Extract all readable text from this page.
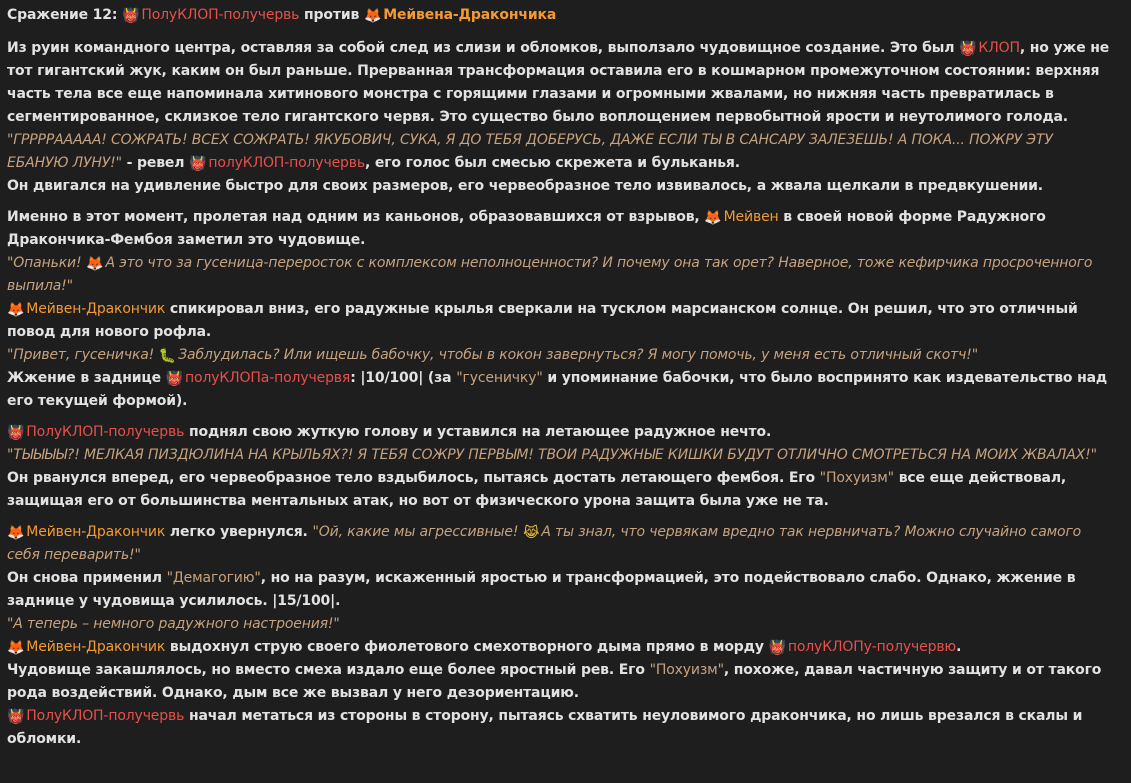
Сражение 12: 👹 ПолуКЛОП-получервь против 🦊 Мейвена-Дракончика
Из руин командного центра, оставляя за собой след из слизи и обломков, выползало чудовищное создание. Это был 👹 КЛОП, но уже не тот гигантский жук, каким он был раньше. Прерванная трансформация оставила его в кошмарном промежуточном состоянии: верхняя часть тела все еще напоминала хитинового монстра с горящими глазами и огромными жвалами, но нижняя часть превратилась в сегментированное, склизкое тело гигантского червя. Это существо было воплощением первобытной ярости и неутолимого голода.
"ГРРРРААААА! СОЖРАТЬ! ВСЕХ СОЖРАТЬ! ЯКУБОВИЧ, СУКА, Я ДО ТЕБЯ ДОБЕРУСЬ, ДАЖЕ ЕСЛИ ТЫ В САНСАРУ ЗАЛЕЗЕШЬ! А ПОКА... ПОЖРУ ЭТУ ЕБАНУЮ ЛУНУ!" - ревел 👹 полуКЛОП-получервь, его голос был смесью скрежета и бульканья.
Он двигался на удивление быстро для своих размеров, его червеобразное тело извивалось, а жвала щелкали в предвкушении.
Именно в этот момент, пролетая над одним из каньонов, образовавшихся от взрывов, 🦊 Мейвен в своей новой форме Радужного Дракончика-Фембоя заметил это чудовище.
"Опаньки! 🦊 А это что за гусеница-переросток с комплексом неполноценности? И почему она так орет? Наверное, тоже кефирчика просроченного выпила!"
🦊 Мейвен-Дракончик спикировал вниз, его радужные крылья сверкали на тусклом марсианском солнце. Он решил, что это отличный повод для нового рофла.
"Привет, гусеничка! 🐛 Заблудилась? Или ищешь бабочку, чтобы в кокон завернуться? Я могу помочь, у меня есть отличный скотч!"
Жжение в заднице 👹 полуКЛОПа-получервя: |10/100| (за "гусеничку" и упоминание бабочки, что было воспринято как издевательство над его текущей формой).
👹 ПолуКЛОП-получервь поднял свою жуткую голову и уставился на летающее радужное нечто.
"ТЫЫЫЫ?! МЕЛКАЯ ПИЗДЮЛИНА НА КРЫЛЬЯХ?! Я ТЕБЯ СОЖРУ ПЕРВЫМ! ТВОИ РАДУЖНЫЕ КИШКИ БУДУТ ОТЛИЧНО СМОТРЕТЬСЯ НА МОИХ ЖВАЛАХ!"
Он рванулся вперед, его червеобразное тело вздыбилось, пытаясь достать летающего фембоя. Его "Похуизм" все еще действовал, защищая его от большинства ментальных атак, но вот от физического урона защита была уже не та.
🦊 Мейвен-Дракончик легко увернулся. "Ой, какие мы агрессивные! 😹 А ты знал, что червякам вредно так нервничать? Можно случайно самого себя переварить!"
Он снова применил "Демагогию", но на разум, искаженный яростью и трансформацией, это подействовало слабо. Однако, жжение в заднице у чудовища усилилось. |15/100|.
"А теперь – немного радужного настроения!"
🦊 Мейвен-Дракончик выдохнул струю своего фиолетового смехотворного дыма прямо в морду 👹 полуКЛОПу-получервю.
Чудовище закашлялось, но вместо смеха издало еще более яростный рев. Его "Похуизм", похоже, давал частичную защиту и от такого рода воздействий. Однако, дым все же вызвал у него дезориентацию.
👹 ПолуКЛОП-получервь начал метаться из стороны в сторону, пытаясь схватить неуловимого дракончика, но лишь врезался в скалы и обломки.
